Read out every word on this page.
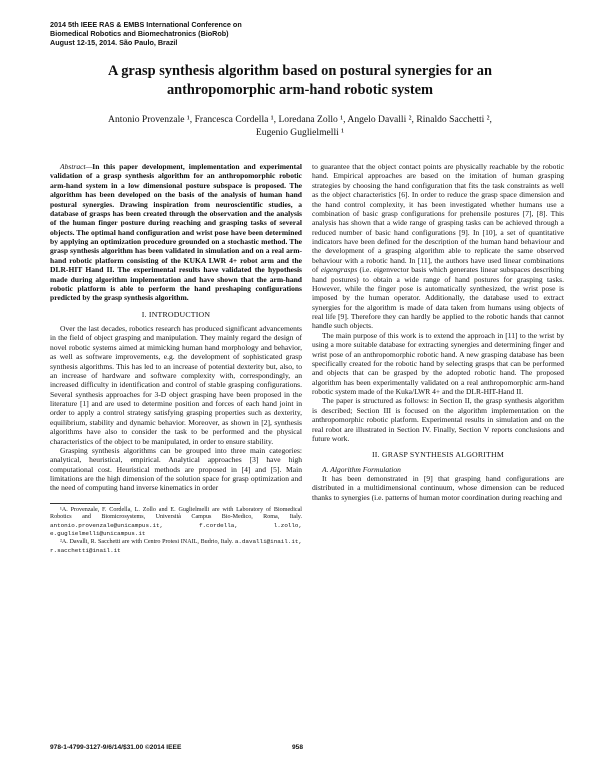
2014 5th IEEE RAS & EMBS International Conference on
Biomedical Robotics and Biomechatronics (BioRob)
August 12-15, 2014. São Paulo, Brazil
A grasp synthesis algorithm based on postural synergies for an
anthropomorphic arm-hand robotic system
Antonio Provenzale ¹, Francesca Cordella ¹, Loredana Zollo ¹, Angelo Davalli ², Rinaldo Sacchetti ²,
Eugenio Guglielmelli ¹

Abstract—In this paper development, implementation and experimental validation of a grasp synthesis algorithm for an anthropomorphic robotic arm-hand system in a low dimensional posture subspace is proposed. The algorithm has been developed on the basis of the analysis of human hand postural synergies. Drawing inspiration from neuroscientific studies, a database of grasps has been created through the observation and the analysis of the human finger posture during reaching and grasping tasks of several objects. The optimal hand configuration and wrist pose have been determined by applying an optimization procedure grounded on a stochastic method. The grasp synthesis algorithm has been validated in simulation and on a real arm-hand robotic platform consisting of the KUKA LWR 4+ robot arm and the DLR-HIT Hand II. The experimental results have validated the hypothesis made during algorithm implementation and have shown that the arm-hand robotic platform is able to perform the hand preshaping configurations predicted by the grasp synthesis algorithm.

I. INTRODUCTION

Over the last decades, robotics research has produced significant advancements in the field of object grasping and manipulation. They mainly regard the design of novel robotic systems aimed at mimicking human hand morphology and behavior, as well as software improvements, e.g. the development of sophisticated grasp synthesis algorithms. This has led to an increase of potential dexterity but, also, to an increase of hardware and software complexity with, correspondingly, an increased difficulty in identification and control of stable grasping configurations. Several synthesis approaches for 3-D object grasping have been proposed in the literature [1] and are used to determine position and forces of each hand joint in order to apply a control strategy satisfying grasping properties such as dexterity, equilibrium, stability and dynamic behavior. Moreover, as shown in [2], synthesis algorithms have also to consider the task to be performed and the physical characteristics of the object to be manipulated, in order to ensure stability.

Grasping synthesis algorithms can be grouped into three main categories: analytical, heuristical, empirical. Analytical approaches [3] have high computational cost. Heuristical methods are proposed in [4] and [5]. Main limitations are the high dimension of the solution space for grasp optimization and the need of computing hand inverse kinematics in order

¹A. Provenzale, F. Cordella, L. Zollo and E. Guglielmelli are with Laboratory of Biomedical Robotics and Biomicrosystems, Università Campus Bio-Medico, Roma, Italy. antonio.provenzale@unicampus.it, f.cordella, l.zollo, e.guglielmelli@unicampus.it

²A. Davalli, R. Sacchetti are with Centro Protesi INAIL, Budrio, Italy. a.davalli@inail.it, r.sacchetti@inail.it

to guarantee that the object contact points are physically reachable by the robotic hand. Empirical approaches are based on the imitation of human grasping strategies by choosing the hand configuration that fits the task constraints as well as the object characteristics [6]. In order to reduce the grasp space dimension and the hand control complexity, it has been investigated whether humans use a combination of basic grasp configurations for prehensile postures [7], [8]. This analysis has shown that a wide range of grasping tasks can be achieved through a reduced number of basic hand configurations [9]. In [10], a set of quantitative indicators have been defined for the description of the human hand behaviour and the development of a grasping algorithm able to replicate the same observed behaviour with a robotic hand. In [11], the authors have used linear combinations of eigengrasps (i.e. eigenvector basis which generates linear subspaces describing hand postures) to obtain a wide range of hand postures for grasping tasks. However, while the finger pose is automatically synthesized, the wrist pose is imposed by the human operator. Additionally, the database used to extract synergies for the algorithm is made of data taken from humans using objects of real life [9]. Therefore they can hardly be applied to the robotic hands that cannot handle such objects.

The main purpose of this work is to extend the approach in [11] to the wrist by using a more suitable database for extracting synergies and determining finger and wrist pose of an anthropomorphic robotic hand. A new grasping database has been specifically created for the robotic hand by selecting grasps that can be performed and objects that can be grasped by the adopted robotic hand. The proposed algorithm has been experimentally validated on a real anthropomorphic arm-hand robotic system made of the Kuka/LWR 4+ and the DLR-HIT-Hand II.

The paper is structured as follows: in Section II, the grasp synthesis algorithm is described; Section III is focused on the algorithm implementation on the anthropomorphic robotic platform. Experimental results in simulation and on the real robot are illustrated in Section IV. Finally, Section V reports conclusions and future work.

II. GRASP SYNTHESIS ALGORITHM

A. Algorithm Formulation

It has been demonstrated in [9] that grasping hand configurations are distributed in a multidimensional continuum, whose dimension can be reduced thanks to synergies (i.e. patterns of human motor coordination during reaching and

978-1-4799-3127-9/6/14/$31.00 ©2014 IEEE	958
